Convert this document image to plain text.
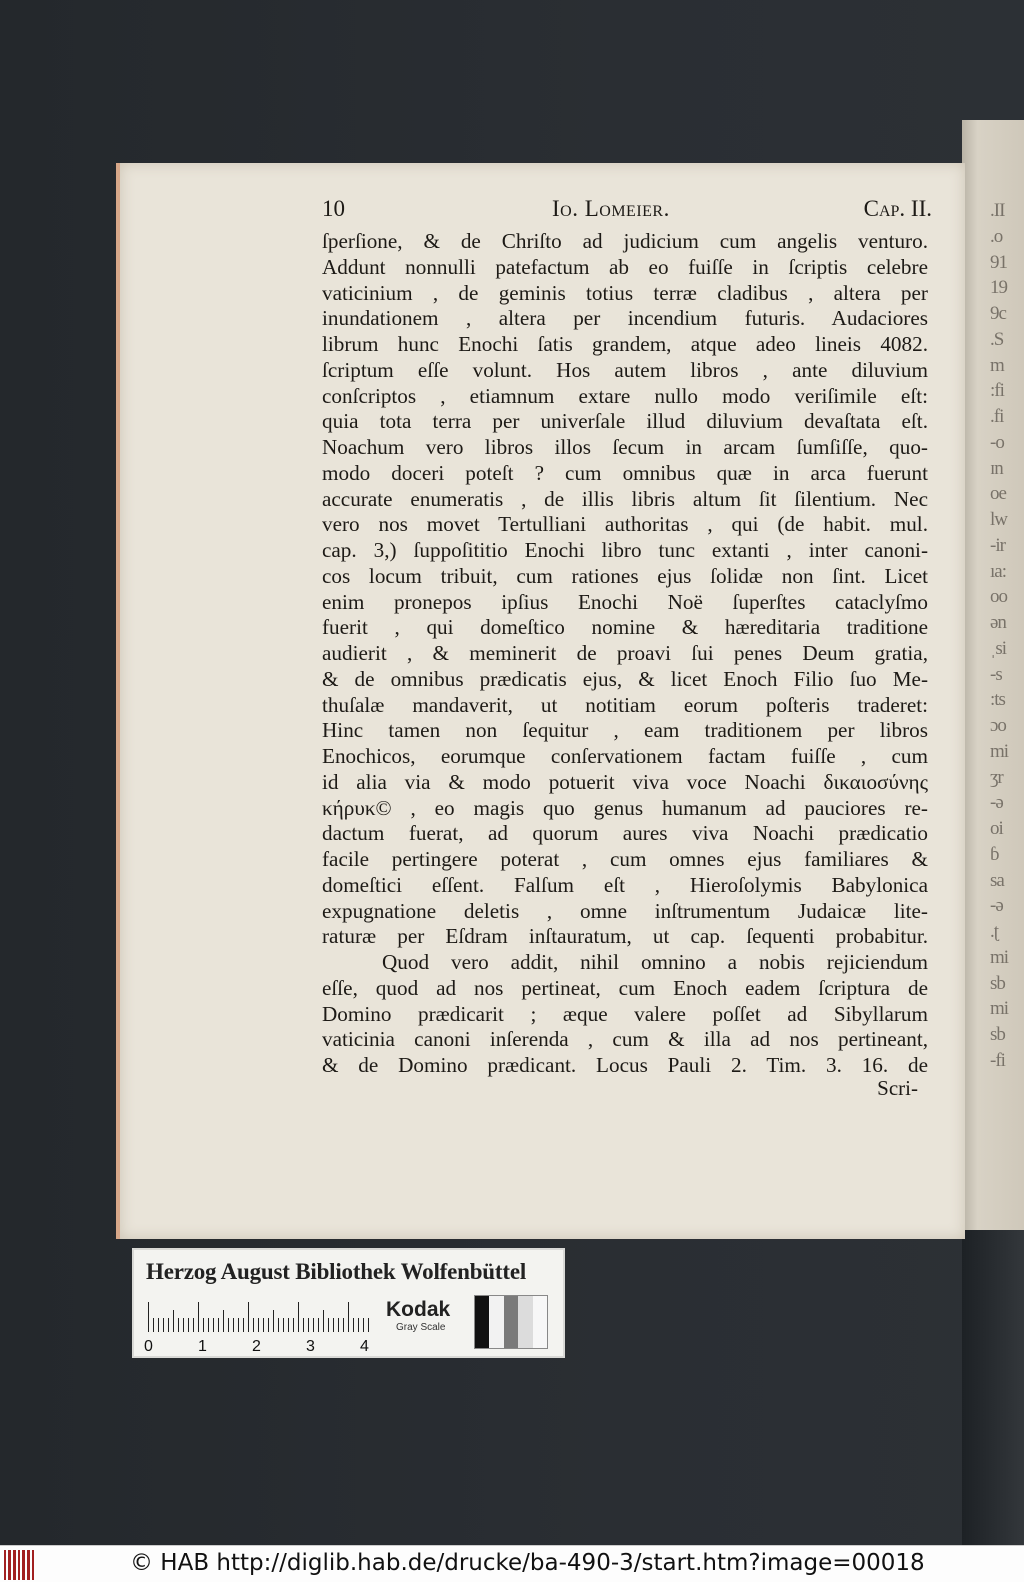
.II
.o
91
19
9c
.S
m
:fi
.fi
-o
ɪn
oe
lw
-ir
ıa:
oo
ən
ˌsi
-s
:ts
ɔo
mi
ʒr
-ə
oi
ɓ
sa
-ə
.ʈ
mi
sb
mi
sb
-fi
10	Io. Lomeier.	Cap. II.
ſperſione, & de Chriſto ad judicium cum angelis venturo.
Addunt nonnulli patefactum ab eo fuiſſe in ſcriptis celebre
vaticinium , de geminis totius terræ cladibus , altera per
inundationem , altera per incendium futuris. Audaciores
librum hunc Enochi ſatis grandem, atque adeo lineis 4082.
ſcriptum eſſe volunt. Hos autem libros , ante diluvium
conſcriptos , etiamnum extare nullo modo veriſimile eſt:
quia tota terra per univerſale illud diluvium devaſtata eſt.
Noachum vero libros illos ſecum in arcam ſumſiſſe, quo-
modo doceri poteſt ? cum omnibus quæ in arca fuerunt
accurate enumeratis , de illis libris altum ſit ſilentium. Nec
vero nos movet Tertulliani authoritas , qui (de habit. mul.
cap. 3,) ſuppoſititio Enochi libro tunc extanti , inter canoni-
cos locum tribuit, cum rationes ejus ſolidæ non ſint. Licet
enim pronepos ipſius Enochi Noë ſuperſtes cataclyſmo
fuerit , qui domeſtico nomine & hæreditaria traditione
audierit , & meminerit de proavi ſui penes Deum gratia,
& de omnibus prædicatis ejus, & licet Enoch Filio ſuo Me-
thuſalæ mandaverit, ut notitiam eorum poſteris traderet:
Hinc tamen non ſequitur , eam traditionem per libros
Enochicos, eorumque conſervationem factam fuiſſe , cum
id alia via & modo potuerit viva voce Noachi δικαιοσύνης
κήρυκ© , eo magis quo genus humanum ad pauciores re-
dactum fuerat, ad quorum aures viva Noachi prædicatio
facile pertingere poterat , cum omnes ejus familiares &
domeſtici eſſent. Falſum eſt , Hieroſolymis Babylonica
expugnatione deletis , omne inſtrumentum Judaicæ lite-
raturæ per Eſdram inſtauratum, ut cap. ſequenti probabitur.
Quod vero addit, nihil omnino a nobis rejiciendum
eſſe, quod ad nos pertineat, cum Enoch eadem ſcriptura de
Domino prædicarit ; æque valere poſſet ad Sibyllarum
vaticinia canoni inſerenda , cum & illa ad nos pertineant,
& de Domino prædicant. Locus Pauli 2. Tim. 3. 16. de
Scri-
Herzog August Bibliothek Wolfenbüttel
0	1	2	3	4
Kodak
Gray Scale
© HAB http://diglib.hab.de/drucke/ba-490-3/start.htm?image=00018
